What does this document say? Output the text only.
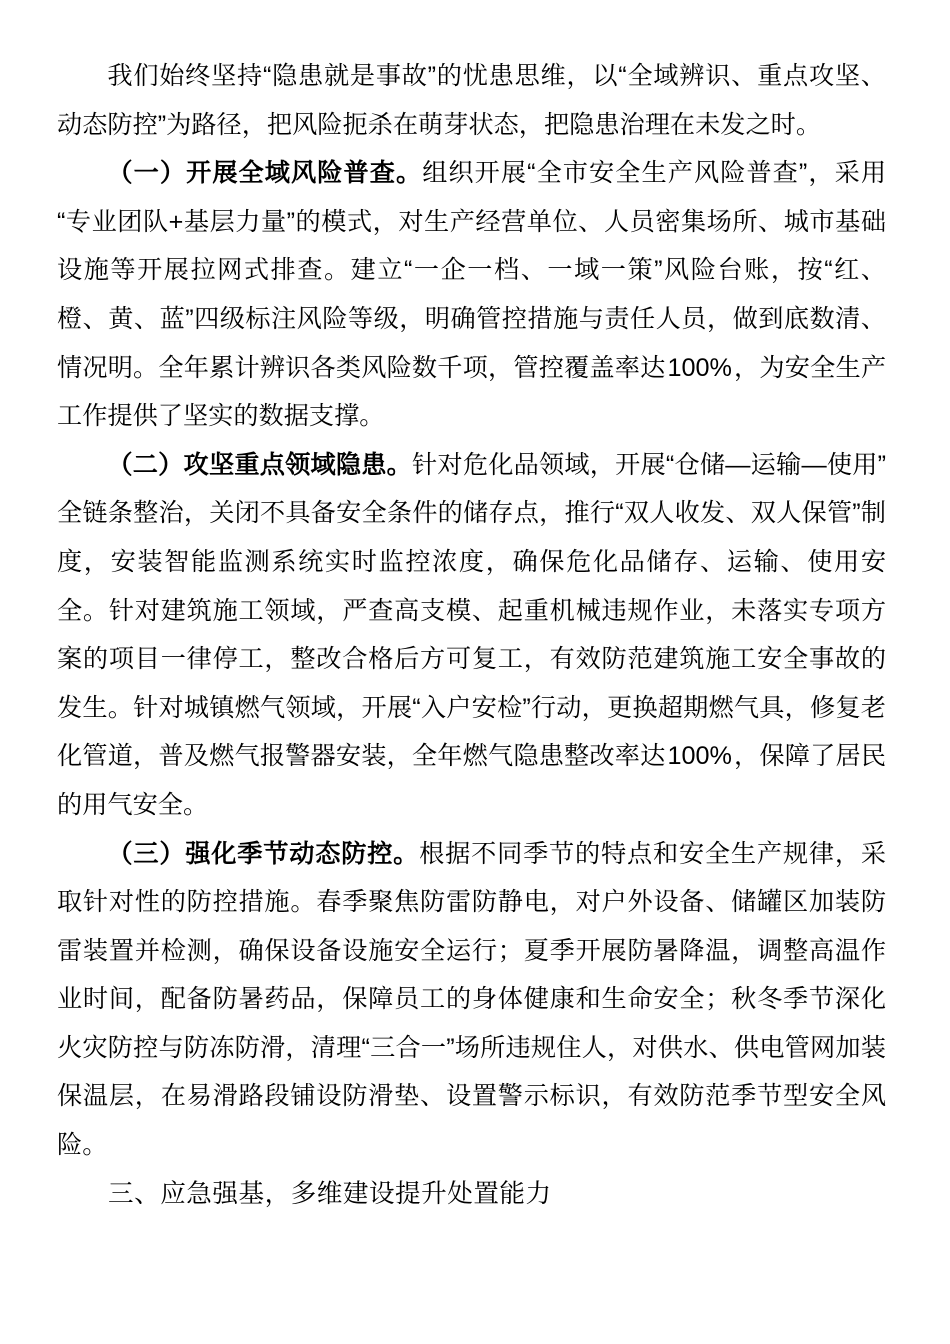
我们始终坚持“隐患就是事故”的忧患思维，以“全域辨识、重点攻坚、动态防控”为路径，把风险扼杀在萌芽状态，把隐患治理在未发之时。

（一）开展全域风险普查。组织开展“全市安全生产风险普查”，采用“专业团队+基层力量”的模式，对生产经营单位、人员密集场所、城市基础设施等开展拉网式排查。建立“一企一档、一域一策”风险台账，按“红、橙、黄、蓝”四级标注风险等级，明确管控措施与责任人员，做到底数清、情况明。全年累计辨识各类风险数千项，管控覆盖率达100%，为安全生产工作提供了坚实的数据支撑。

（二）攻坚重点领域隐患。针对危化品领域，开展“仓储—运输—使用”全链条整治，关闭不具备安全条件的储存点，推行“双人收发、双人保管”制度，安装智能监测系统实时监控浓度，确保危化品储存、运输、使用安全。针对建筑施工领域，严查高支模、起重机械违规作业，未落实专项方案的项目一律停工，整改合格后方可复工，有效防范建筑施工安全事故的发生。针对城镇燃气领域，开展“入户安检”行动，更换超期燃气具，修复老化管道，普及燃气报警器安装，全年燃气隐患整改率达100%，保障了居民的用气安全。

（三）强化季节动态防控。根据不同季节的特点和安全生产规律，采取针对性的防控措施。春季聚焦防雷防静电，对户外设备、储罐区加装防雷装置并检测，确保设备设施安全运行；夏季开展防暑降温，调整高温作业时间，配备防暑药品，保障员工的身体健康和生命安全；秋冬季节深化火灾防控与防冻防滑，清理“三合一”场所违规住人，对供水、供电管网加装保温层，在易滑路段铺设防滑垫、设置警示标识，有效防范季节型安全风险。

三、应急强基，多维建设提升处置能力
